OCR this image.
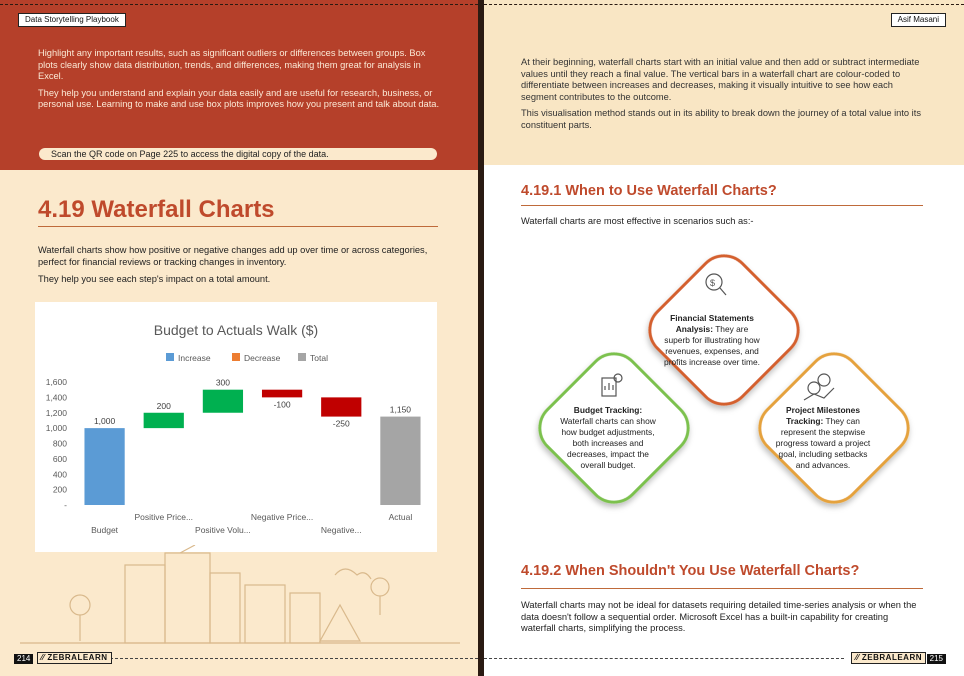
Highlight any important results, such as significant outliers or differences between groups. Box plots clearly show data distribution, trends, and differences, making them great for analysis in Excel.

They help you understand and explain your data easily and are useful for research, business, or personal use. Learning to make and use box plots improves how you present and talk about data.

Data Storytelling Playbook
Scan the QR code on Page 225 to access the digital copy of the data.
4.19 Waterfall Charts

Waterfall charts show how positive or negative changes add up over time or across categories, perfect for financial reviews or tracking changes in inventory.

They help you see each step's impact on a total amount.

Budget to Actuals Walk ($)
Increase	Decrease	Total
1,600
1,400
1,200
1,000
800
600
400
200
-
1,000
Budget
200
Positive Price...
300
Positive Volu...
-100
Negative Price...
-250
Negative...
1,150
Actual
214	⁄⁄ ZEBRALEARN

At their beginning, waterfall charts start with an initial value and then add or subtract intermediate values until they reach a final value. The vertical bars in a waterfall chart are colour-coded to differentiate between increases and decreases, making it visually intuitive to see how each segment contributes to the outcome.

This visualisation method stands out in its ability to break down the journey of a total value into its constituent parts.

Asif Masani
4.19.1 When to Use Waterfall Charts?
Waterfall charts are most effective in scenarios such as:-
$
Financial Statements Analysis: They are superb for illustrating how revenues, expenses, and profits increase over time.
Budget Tracking: Waterfall charts can show how budget adjustments, both increases and decreases, impact the overall budget.
Project Milestones Tracking: They can represent the stepwise progress toward a project goal, including setbacks and advances.
4.19.2 When Shouldn't You Use Waterfall Charts?
Waterfall charts may not be ideal for datasets requiring detailed time-series analysis or when the data doesn't follow a sequential order. Microsoft Excel has a built-in capability for creating waterfall charts, simplifying the process.
⁄⁄ ZEBRALEARN 215
